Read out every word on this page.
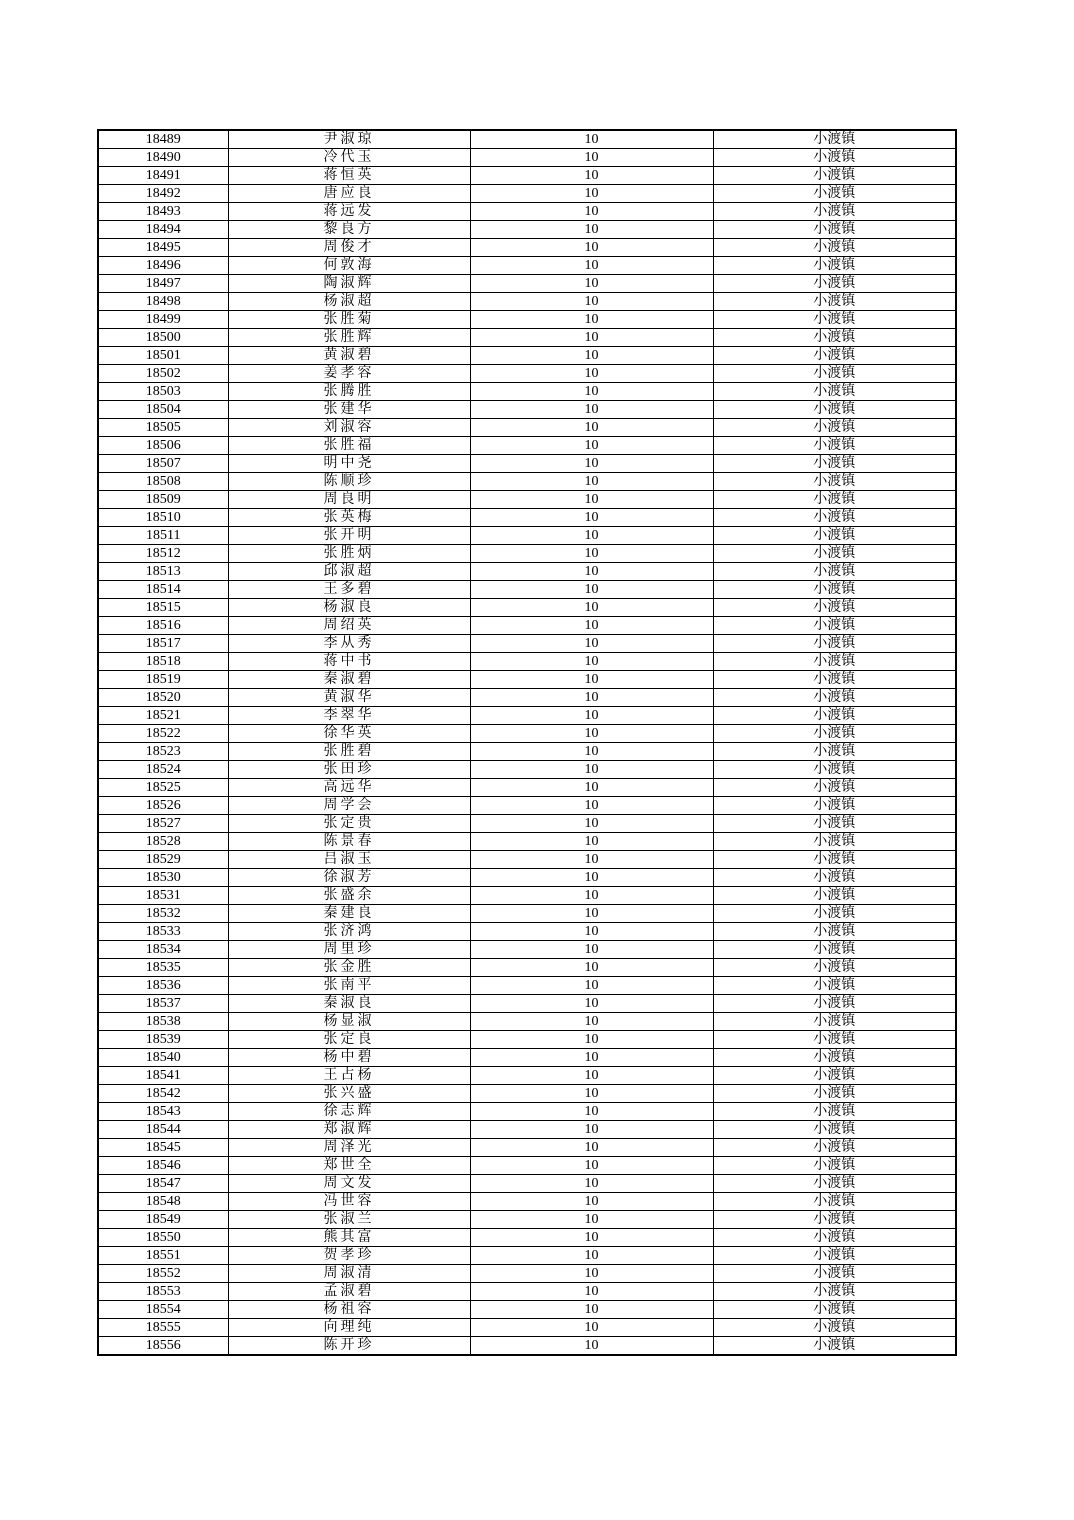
18489	尹淑琼	10	小渡镇
18490	冷代玉	10	小渡镇
18491	蒋恒英	10	小渡镇
18492	唐应良	10	小渡镇
18493	蒋远发	10	小渡镇
18494	黎良方	10	小渡镇
18495	周俊才	10	小渡镇
18496	何敦海	10	小渡镇
18497	陶淑辉	10	小渡镇
18498	杨淑超	10	小渡镇
18499	张胜菊	10	小渡镇
18500	张胜辉	10	小渡镇
18501	黄淑碧	10	小渡镇
18502	姜孝容	10	小渡镇
18503	张腾胜	10	小渡镇
18504	张建华	10	小渡镇
18505	刘淑容	10	小渡镇
18506	张胜福	10	小渡镇
18507	明中尧	10	小渡镇
18508	陈顺珍	10	小渡镇
18509	周良明	10	小渡镇
18510	张英梅	10	小渡镇
18511	张开明	10	小渡镇
18512	张胜炳	10	小渡镇
18513	邱淑超	10	小渡镇
18514	王多碧	10	小渡镇
18515	杨淑良	10	小渡镇
18516	周绍英	10	小渡镇
18517	李从秀	10	小渡镇
18518	蒋中书	10	小渡镇
18519	秦淑碧	10	小渡镇
18520	黄淑华	10	小渡镇
18521	李翠华	10	小渡镇
18522	徐华英	10	小渡镇
18523	张胜碧	10	小渡镇
18524	张田珍	10	小渡镇
18525	高远华	10	小渡镇
18526	周学会	10	小渡镇
18527	张定贵	10	小渡镇
18528	陈景春	10	小渡镇
18529	吕淑玉	10	小渡镇
18530	徐淑芳	10	小渡镇
18531	张盛余	10	小渡镇
18532	秦建良	10	小渡镇
18533	张济鸿	10	小渡镇
18534	周里珍	10	小渡镇
18535	张金胜	10	小渡镇
18536	张南平	10	小渡镇
18537	秦淑良	10	小渡镇
18538	杨显淑	10	小渡镇
18539	张定良	10	小渡镇
18540	杨中碧	10	小渡镇
18541	王占杨	10	小渡镇
18542	张兴盛	10	小渡镇
18543	徐志辉	10	小渡镇
18544	郑淑辉	10	小渡镇
18545	周泽光	10	小渡镇
18546	郑世全	10	小渡镇
18547	周文发	10	小渡镇
18548	冯世容	10	小渡镇
18549	张淑兰	10	小渡镇
18550	熊其富	10	小渡镇
18551	贺孝珍	10	小渡镇
18552	周淑清	10	小渡镇
18553	孟淑碧	10	小渡镇
18554	杨祖容	10	小渡镇
18555	向理纯	10	小渡镇
18556	陈开珍	10	小渡镇
